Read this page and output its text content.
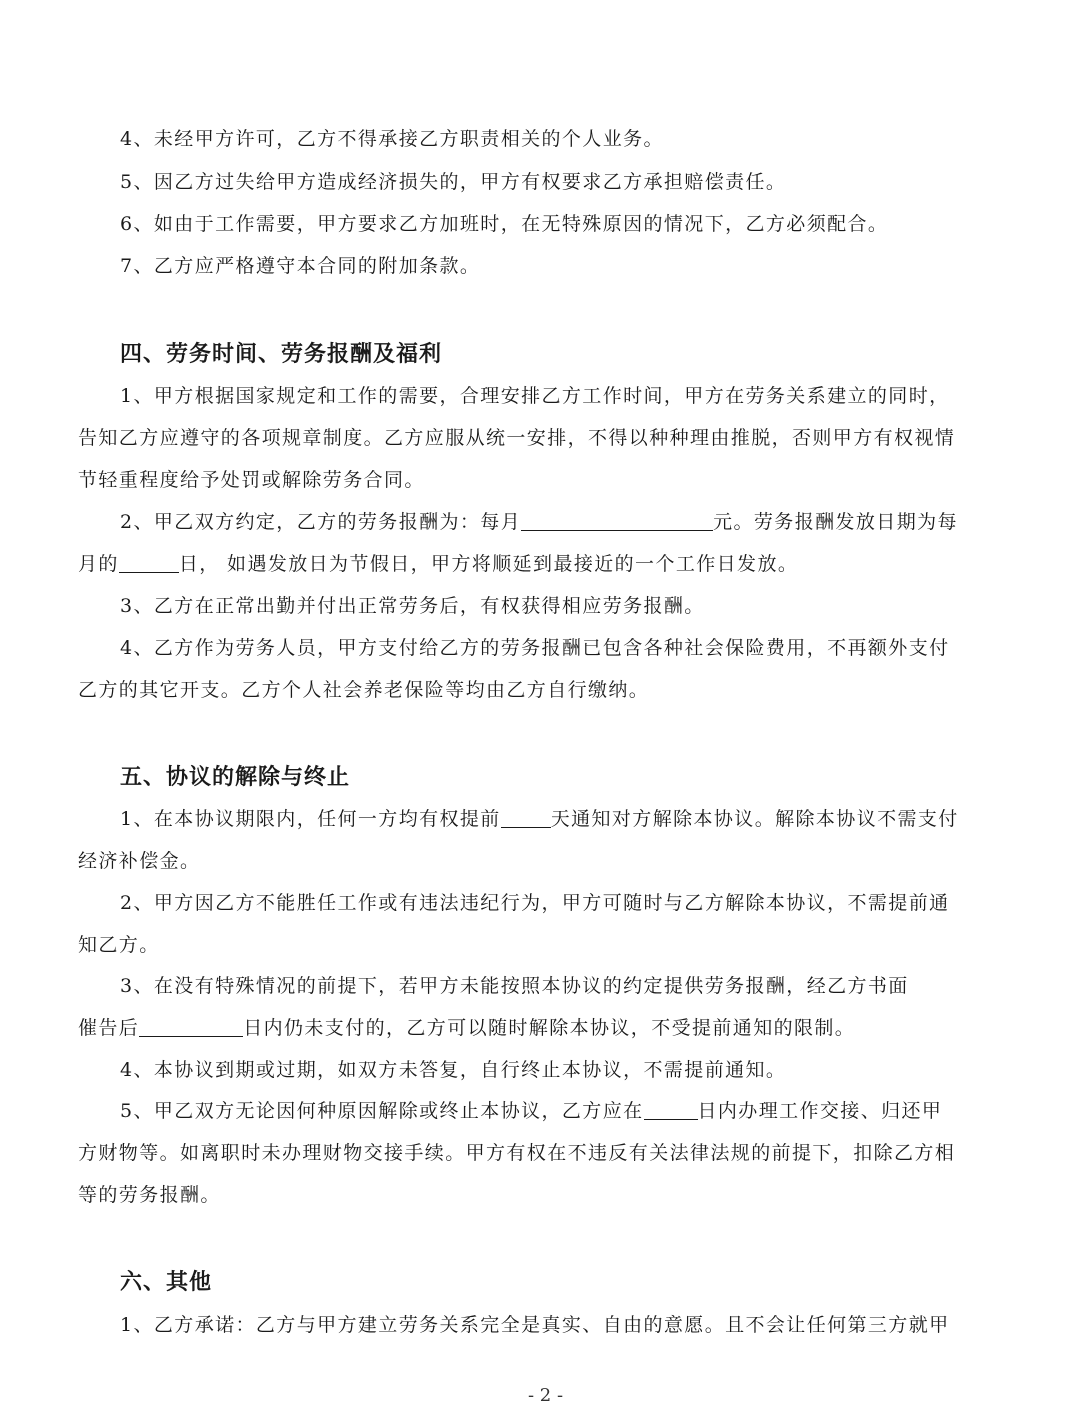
4、未经甲方许可，乙方不得承接乙方职责相关的个人业务。
5、因乙方过失给甲方造成经济损失的，甲方有权要求乙方承担赔偿责任。
6、如由于工作需要，甲方要求乙方加班时，在无特殊原因的情况下，乙方必须配合。
7、乙方应严格遵守本合同的附加条款。
四、劳务时间、劳务报酬及福利
1、甲方根据国家规定和工作的需要，合理安排乙方工作时间，甲方在劳务关系建立的同时，
告知乙方应遵守的各项规章制度。乙方应服从统一安排，不得以种种理由推脱，否则甲方有权视情
节轻重程度给予处罚或解除劳务合同。
2、甲乙双方约定，乙方的劳务报酬为：每月	元。劳务报酬发放日期为每
月的	日， 如遇发放日为节假日，甲方将顺延到最接近的一个工作日发放。
3、乙方在正常出勤并付出正常劳务后，有权获得相应劳务报酬。
4、乙方作为劳务人员，甲方支付给乙方的劳务报酬已包含各种社会保险费用，不再额外支付
乙方的其它开支。乙方个人社会养老保险等均由乙方自行缴纳。
五、协议的解除与终止
1、在本协议期限内，任何一方均有权提前	天通知对方解除本协议。解除本协议不需支付
经济补偿金。
2、甲方因乙方不能胜任工作或有违法违纪行为，甲方可随时与乙方解除本协议，不需提前通
知乙方。
3、在没有特殊情况的前提下，若甲方未能按照本协议的约定提供劳务报酬，经乙方书面
催告后	日内仍未支付的，乙方可以随时解除本协议，不受提前通知的限制。
4、本协议到期或过期，如双方未答复，自行终止本协议，不需提前通知。
5、甲乙双方无论因何种原因解除或终止本协议，乙方应在	日内办理工作交接、归还甲
方财物等。如离职时未办理财物交接手续。甲方有权在不违反有关法律法规的前提下，扣除乙方相
等的劳务报酬。
六、其他
1、乙方承诺：乙方与甲方建立劳务关系完全是真实、自由的意愿。且不会让任何第三方就甲
- 2 -
